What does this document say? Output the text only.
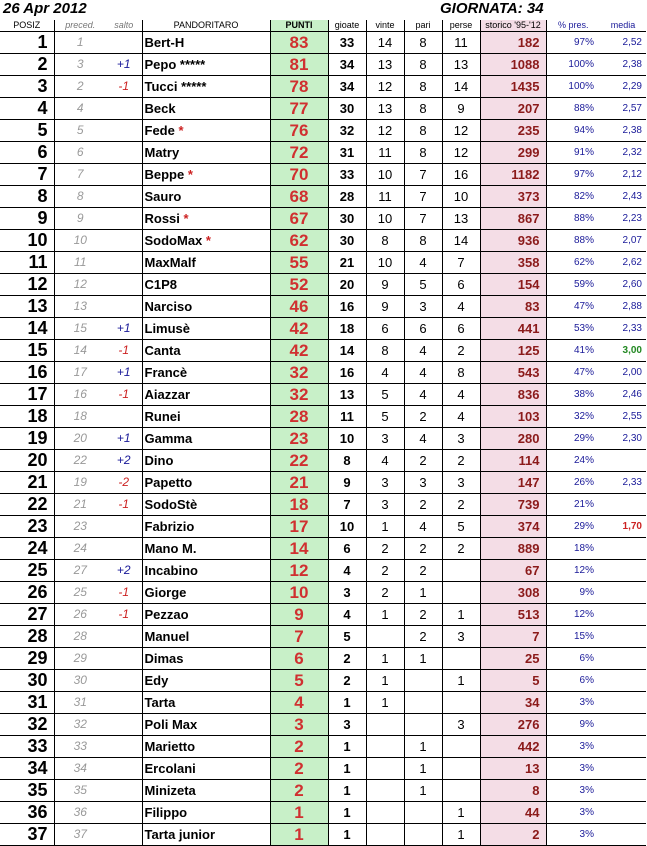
26 Apr 2012	GIORNATA: 34
POSIZ	preced.	salto	PANDORITARO	PUNTI	gioate	vinte	pari	perse	storico '95-'12	% pres.	media
1	1		Bert-H	83	33	14	8	11	182	97%	2,52
2	3	+1	Pepo *****	81	34	13	8	13	1088	100%	2,38
3	2	-1	Tucci *****	78	34	12	8	14	1435	100%	2,29
4	4		Beck	77	30	13	8	9	207	88%	2,57
5	5		Fede *	76	32	12	8	12	235	94%	2,38
6	6		Matry	72	31	11	8	12	299	91%	2,32
7	7		Beppe *	70	33	10	7	16	1182	97%	2,12
8	8		Sauro	68	28	11	7	10	373	82%	2,43
9	9		Rossi *	67	30	10	7	13	867	88%	2,23
10	10		SodoMax *	62	30	8	8	14	936	88%	2,07
11	11		MaxMalf	55	21	10	4	7	358	62%	2,62
12	12		C1P8	52	20	9	5	6	154	59%	2,60
13	13		Narciso	46	16	9	3	4	83	47%	2,88
14	15	+1	Limusè	42	18	6	6	6	441	53%	2,33
15	14	-1	Canta	42	14	8	4	2	125	41%	3,00
16	17	+1	Francè	32	16	4	4	8	543	47%	2,00
17	16	-1	Aiazzar	32	13	5	4	4	836	38%	2,46
18	18		Runei	28	11	5	2	4	103	32%	2,55
19	20	+1	Gamma	23	10	3	4	3	280	29%	2,30
20	22	+2	Dino	22	8	4	2	2	114	24%	
21	19	-2	Papetto	21	9	3	3	3	147	26%	2,33
22	21	-1	SodoStè	18	7	3	2	2	739	21%	
23	23		Fabrizio	17	10	1	4	5	374	29%	1,70
24	24		Mano M.	14	6	2	2	2	889	18%	
25	27	+2	Incabino	12	4	2	2		67	12%	
26	25	-1	Giorge	10	3	2	1		308	9%	
27	26	-1	Pezzao	9	4	1	2	1	513	12%	
28	28		Manuel	7	5		2	3	7	15%	
29	29		Dimas	6	2	1	1		25	6%	
30	30		Edy	5	2	1		1	5	6%	
31	31		Tarta	4	1	1			34	3%	
32	32		Poli Max	3	3			3	276	9%	
33	33		Marietto	2	1		1		442	3%	
34	34		Ercolani	2	1		1		13	3%	
35	35		Minizeta	2	1		1		8	3%	
36	36		Filippo	1	1			1	44	3%	
37	37		Tarta junior	1	1			1	2	3%	
